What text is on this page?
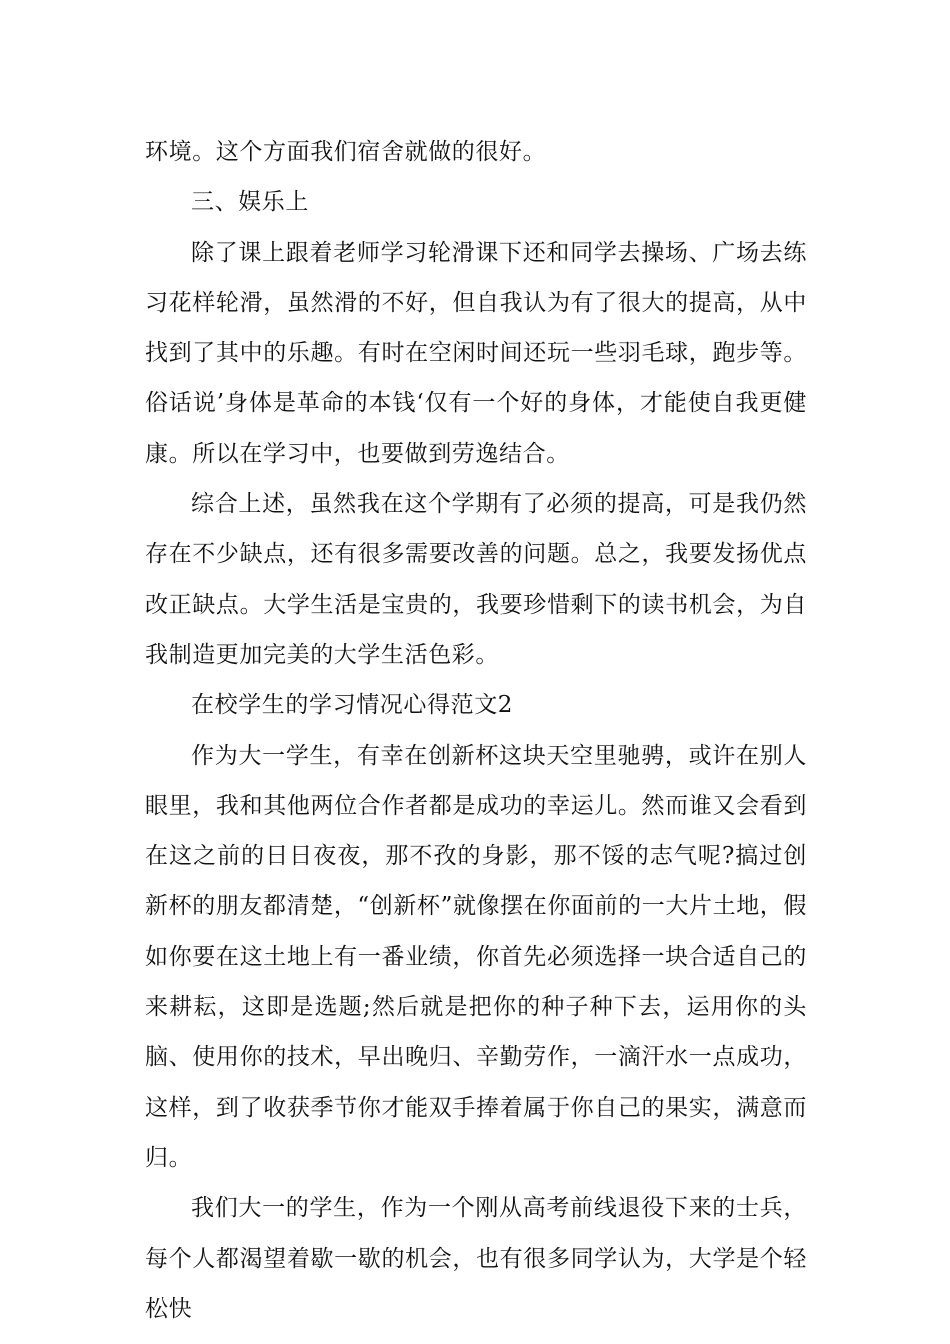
环境。这个方面我们宿舍就做的很好。

三、娱乐上

除了课上跟着老师学习轮滑课下还和同学去操场、广场去练习花样轮滑，虽然滑的不好，但自我认为有了很大的提高，从中找到了其中的乐趣。有时在空闲时间还玩一些羽毛球，跑步等。俗话说’身体是革命的本钱‘仅有一个好的身体，才能使自我更健康。所以在学习中，也要做到劳逸结合。

综合上述，虽然我在这个学期有了必须的提高，可是我仍然存在不少缺点，还有很多需要改善的问题。总之，我要发扬优点改正缺点。大学生活是宝贵的，我要珍惜剩下的读书机会，为自我制造更加完美的大学生活色彩。

在校学生的学习情况心得范文2

作为大一学生，有幸在创新杯这块天空里驰骋，或许在别人眼里，我和其他两位合作者都是成功的幸运儿。然而谁又会看到在这之前的日日夜夜，那不孜的身影，那不馁的志气呢?搞过创新杯的朋友都清楚，“创新杯”就像摆在你面前的一大片土地，假如你要在这土地上有一番业绩，你首先必须选择一块合适自己的来耕耘，这即是选题;然后就是把你的种子种下去，运用你的头脑、使用你的技术，早出晚归、辛勤劳作，一滴汗水一点成功，这样，到了收获季节你才能双手捧着属于你自己的果实，满意而归。

我们大一的学生，作为一个刚从高考前线退役下来的士兵，每个人都渴望着歇一歇的机会，也有很多同学认为，大学是个轻松快
